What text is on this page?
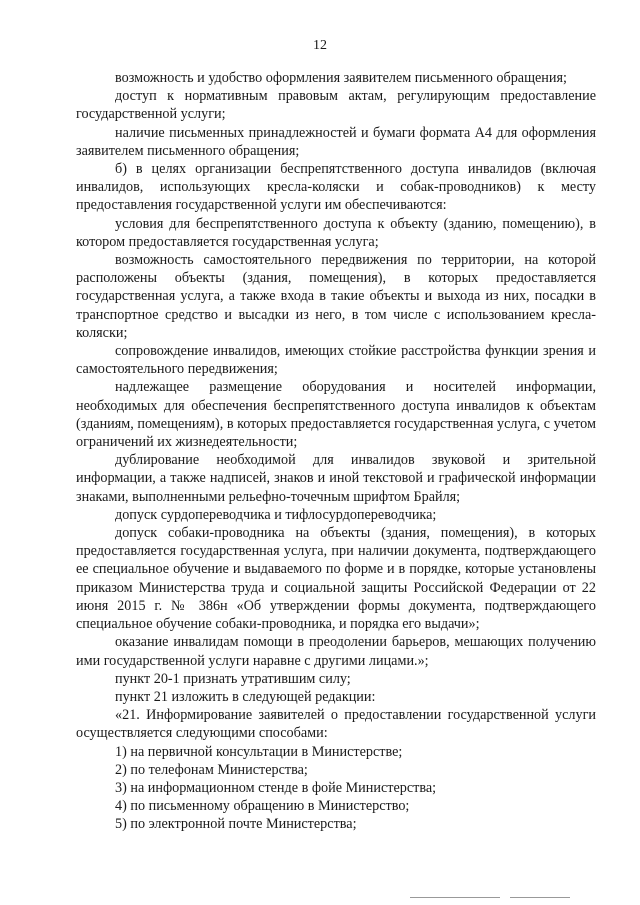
12

возможность и удобство оформления заявителем письменного обращения;

доступ к нормативным правовым актам, регулирующим предоставление государственной услуги;

наличие письменных принадлежностей и бумаги формата А4 для оформления заявителем письменного обращения;

б) в целях организации беспрепятственного доступа инвалидов (включая инвалидов, использующих кресла-коляски и собак-проводников) к месту предоставления государственной услуги им обеспечиваются:

условия для беспрепятственного доступа к объекту (зданию, помещению), в котором предоставляется государственная услуга;

возможность самостоятельного передвижения по территории, на которой расположены объекты (здания, помещения), в которых предоставляется государственная услуга, а также входа в такие объекты и выхода из них, посадки в транспортное средство и высадки из него, в том числе с использованием кресла-коляски;

сопровождение инвалидов, имеющих стойкие расстройства функции зрения и самостоятельного передвижения;

надлежащее размещение оборудования и носителей информации, необходимых для обеспечения беспрепятственного доступа инвалидов к объектам (зданиям, помещениям), в которых предоставляется государственная услуга, с учетом ограничений их жизнедеятельности;

дублирование необходимой для инвалидов звуковой и зрительной информации, а также надписей, знаков и иной текстовой и графической информации знаками, выполненными рельефно-точечным шрифтом Брайля;

допуск сурдопереводчика и тифлосурдопереводчика;

допуск собаки-проводника на объекты (здания, помещения), в которых предоставляется государственная услуга, при наличии документа, подтверждающего ее специальное обучение и выдаваемого по форме и в порядке, которые установлены приказом Министерства труда и социальной защиты Российской Федерации от 22 июня 2015 г. № 386н «Об утверждении формы документа, подтверждающего специальное обучение собаки-проводника, и порядка его выдачи»;

оказание инвалидам помощи в преодолении барьеров, мешающих получению ими государственной услуги наравне с другими лицами.»;

пункт 20-1 признать утратившим силу;

пункт 21 изложить в следующей редакции:

«21. Информирование заявителей о предоставлении государственной услуги осуществляется следующими способами:

1) на первичной консультации в Министерстве;

2) по телефонам Министерства;

3) на информационном стенде в фойе Министерства;

4) по письменному обращению в Министерство;

5) по электронной почте Министерства;
